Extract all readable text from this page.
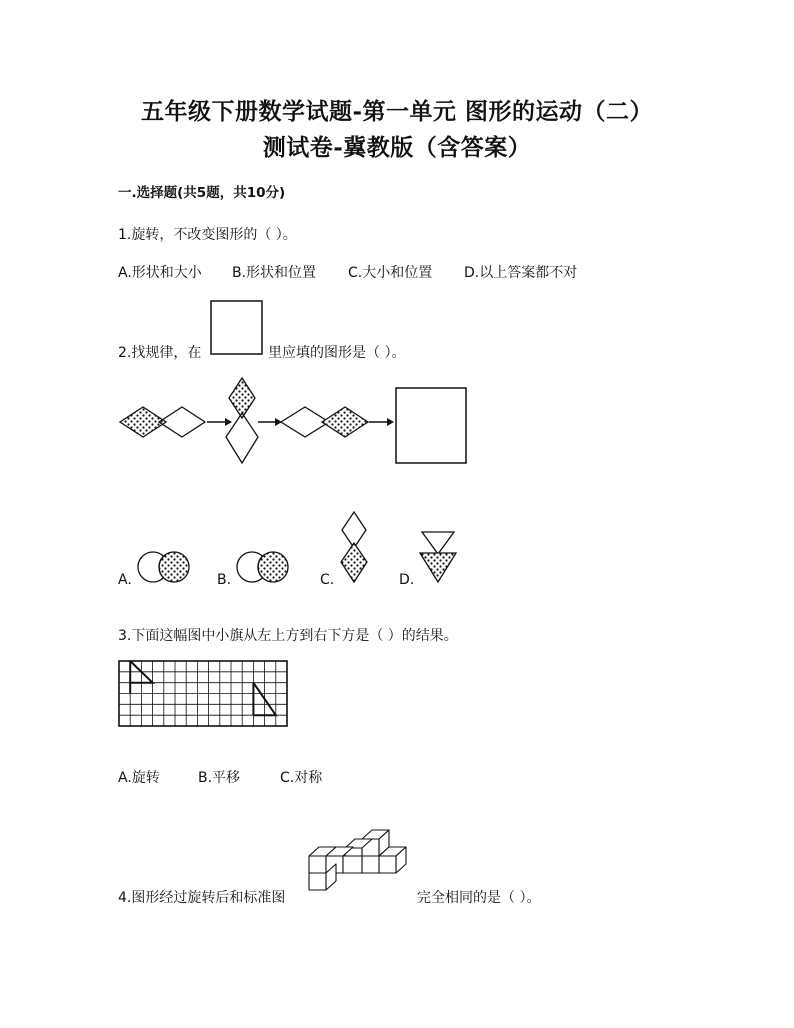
五年级下册数学试题-第一单元 图形的运动（二）
测试卷-冀教版（含答案）
一.选择题(共5题，共10分)
1.旋转，不改变图形的（ ）。
A.形状和大小 B.形状和位置 C.大小和位置 D.以上答案都不对
2.找规律，在	里应填的图形是（ ）。
A.	B.	C.	D.
3.下面这幅图中小旗从左上方到右下方是（ ）的结果。
A.旋转	B.平移	C.对称
4.图形经过旋转后和标准图	完全相同的是（ ）。
